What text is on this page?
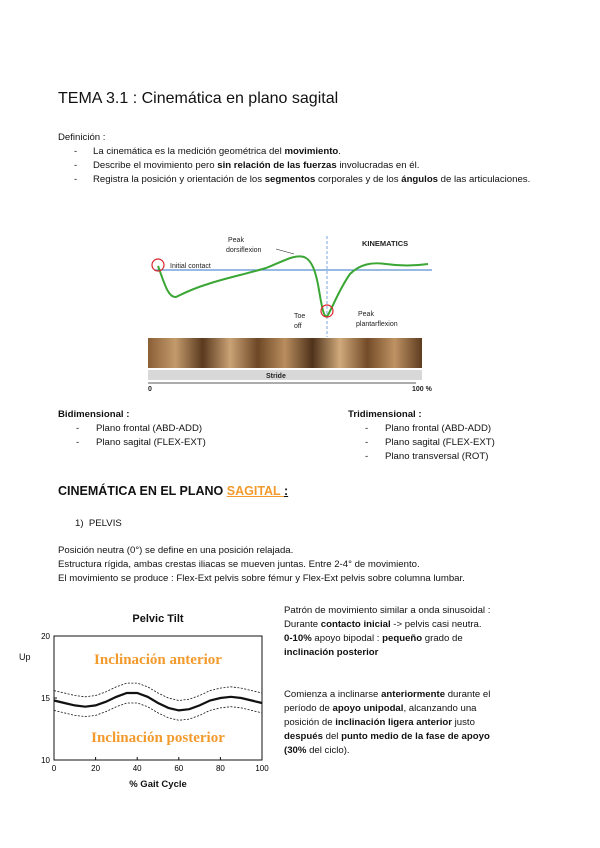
TEMA 3.1 : Cinemática en plano sagital
Definición :
- La cinemática es la medición geométrica del movimiento.
- Describe el movimiento pero sin relación de las fuerzas involucradas en él.
- Registra la posición y orientación de los segmentos corporales y de los ángulos de las articulaciones.
Initial contact
Peak
dorsiflexion
KINEMATICS
Toe
off
Peak
plantarflexion
Stride
0	100 %
Bidimensional :
- Plano frontal (ABD-ADD)
- Plano sagital (FLEX-EXT)
Tridimensional :
- Plano frontal (ABD-ADD)
- Plano sagital (FLEX-EXT)
- Plano transversal (ROT)
CINEMÁTICA EN EL PLANO SAGITAL :
1) PELVIS
Posición neutra (0°) se define en una posición relajada.
Estructura rígida, ambas crestas iliacas se mueven juntas. Entre 2-4° de movimiento.
El movimiento se produce : Flex-Ext pelvis sobre fémur y Flex-Ext pelvis sobre columna lumbar.
Pelvic Tilt
Up	Inclinación anterior
Inclinación posterior
0	20	40	60	80	100
10
15
20
% Gait Cycle
Patrón de movimiento similar a onda sinusoidal :
Durante contacto inicial -> pelvis casi neutra.
0-10% apoyo bipodal : pequeño grado de
inclinación posterior
Comienza a inclinarse anteriormente durante el
período de apoyo unipodal, alcanzando una
posición de inclinación ligera anterior justo
después del punto medio de la fase de apoyo
(30% del ciclo).
